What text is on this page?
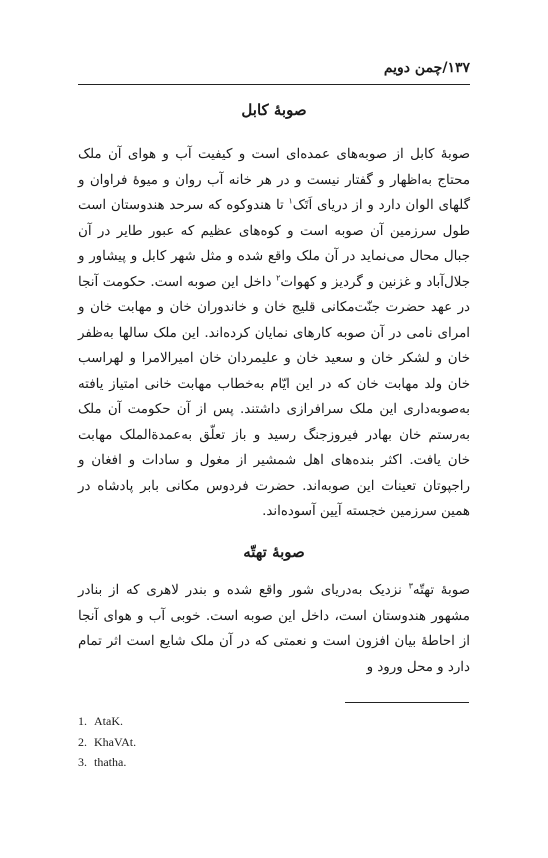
۱۳۷/چمن دویم
صوبهٔ کابل
صوبهٔ کابل از صوبه‌های عمده‌ای است و کیفیت آب و هوای آن ملک محتاج به‌اظهار و گفتار نیست و در هر خانه آب روان و میوهٔ فراوان و گلهای الوان دارد و از دریای اَتَک$^۱$ تا هندوکوه که سرحد هندوستان است طول سرزمین آن صوبه است و کوه‌های عظیم که عبور طایر در آن جبال محال می‌نماید در آن ملک واقع شده و مثل شهر کابل و پیشاور و جلال‌آباد و غزنین و گردیز و کهوات$^۲$ داخل این صوبه است. حکومت آنجا در عهد حضرت جنّت‌مکانی قلیج خان و خاندوران خان و مهابت خان و امرای نامی در آن صوبه کارهای نمایان کرده‌اند. این ملک سالها به‌ظفر خان و لشکر خان و سعید خان و علیمردان خان امیرالامرا و لهراسب خان ولد مهابت خان که در این ایّام به‌خطاب مهابت خانی امتیاز یافته به‌صوبه‌داری این ملک سرافرازی داشتند. پس از آن حکومت آن ملک به‌رستم خان بهادر فیروزجنگ رسید و باز تعلّق به‌عمدةالملک مهابت خان یافت. اکثر بنده‌های اهل شمشیر از مغول و سادات و افغان و راجپوتان تعینات این صوبه‌اند. حضرت فردوس مکانی بابر پادشاه در همین سرزمین خجسته آیین آسوده‌اند.
صوبهٔ تهتّه
صوبهٔ تهتّه$^۳$ نزدیک به‌دریای شور واقع شده و بندر لاهری که از بنادر مشهور هندوستان است، داخل این صوبه است. خوبی آب و هوای آنجا از احاطهٔ بیان افزون است و نعمتی که در آن ملک شایع است اثر تمام دارد و محل ورود و
1. AtaK.
2. KhaVAt.
3. thatha.
